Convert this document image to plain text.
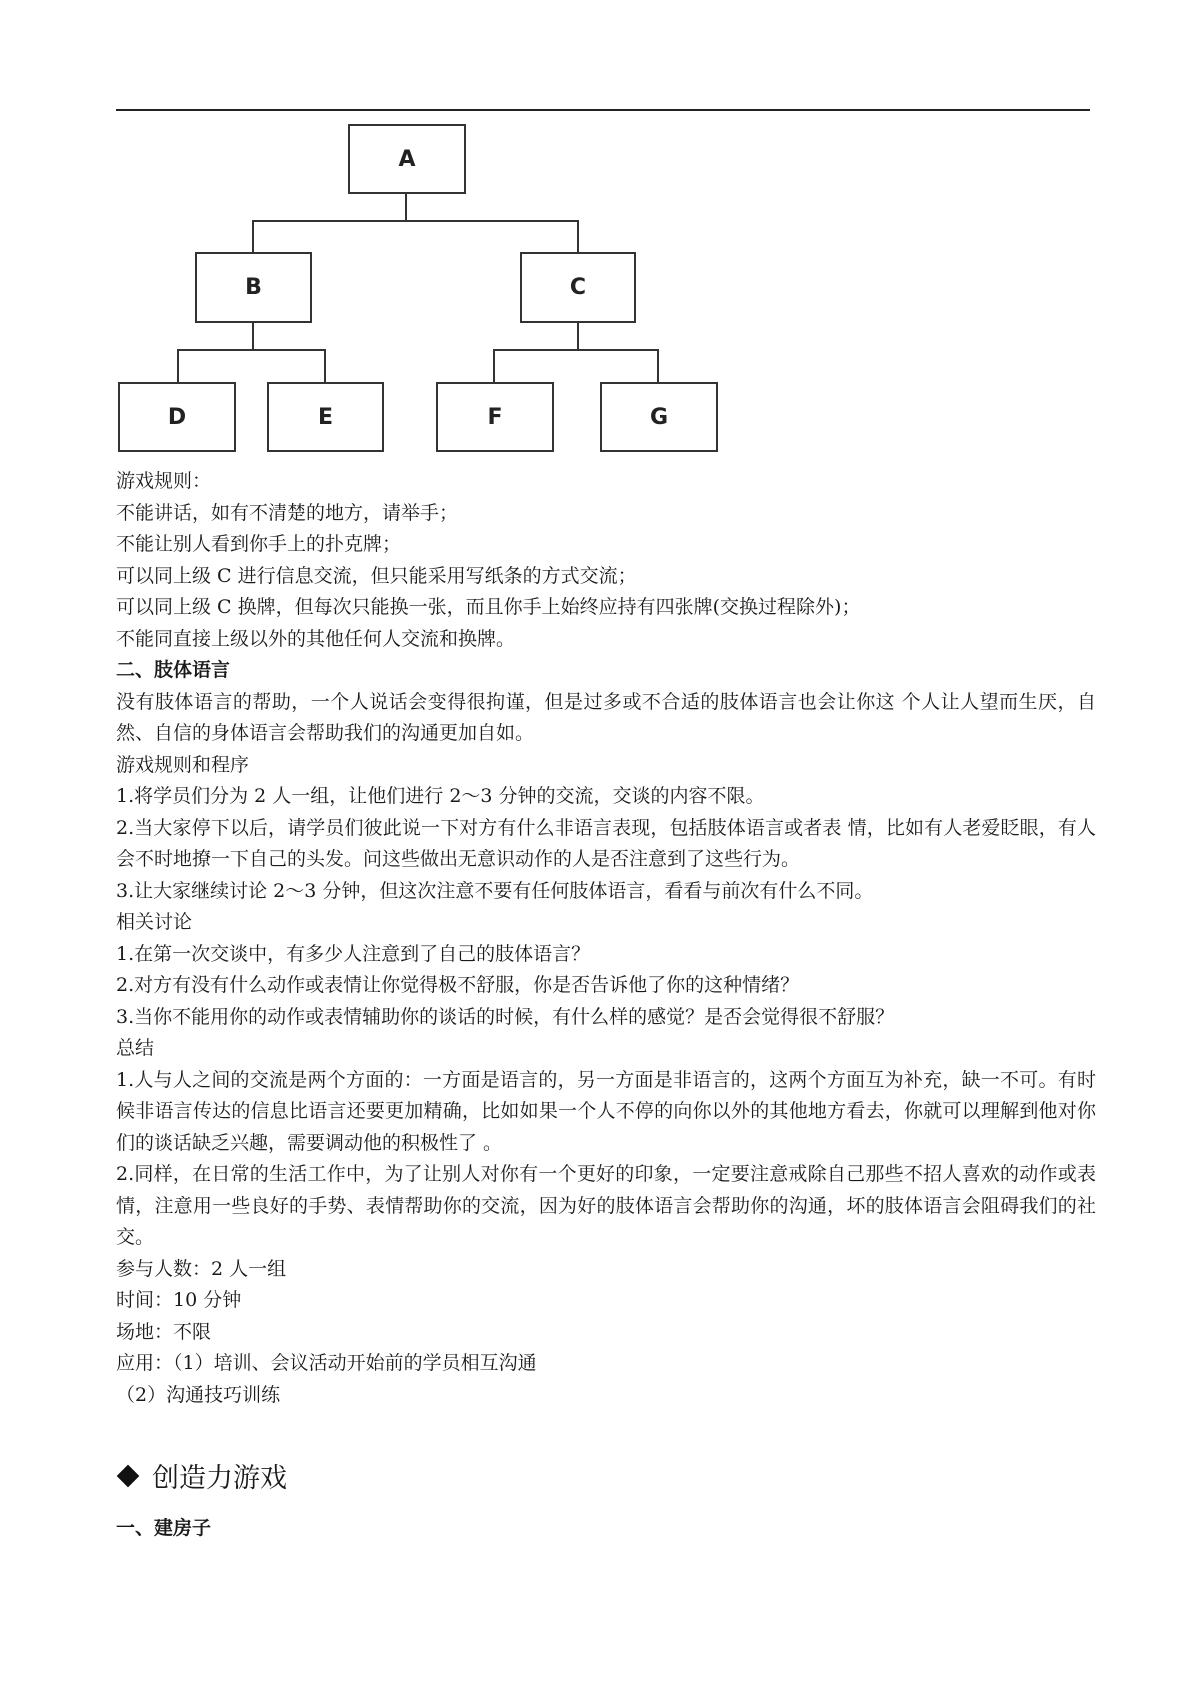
A
B	C
D	E	F	G

游戏规则：

不能讲话，如有不清楚的地方，请举手；

不能让别人看到你手上的扑克牌；

可以同上级 C 进行信息交流，但只能采用写纸条的方式交流；

可以同上级 C 换牌，但每次只能换一张，而且你手上始终应持有四张牌(交换过程除外)；

不能同直接上级以外的其他任何人交流和换牌。

二、肢体语言

没有肢体语言的帮助，一个人说话会变得很拘谨，但是过多或不合适的肢体语言也会让你这 个人让人望而生厌，自然、自信的身体语言会帮助我们的沟通更加自如。

游戏规则和程序

1.将学员们分为 2 人一组，让他们进行 2～3 分钟的交流，交谈的内容不限。

2.当大家停下以后，请学员们彼此说一下对方有什么非语言表现，包括肢体语言或者表 情，比如有人老爱眨眼，有人会不时地撩一下自己的头发。问这些做出无意识动作的人是否注意到了这些行为。

3.让大家继续讨论 2～3 分钟，但这次注意不要有任何肢体语言，看看与前次有什么不同。

相关讨论

1.在第一次交谈中，有多少人注意到了自己的肢体语言？

2.对方有没有什么动作或表情让你觉得极不舒服，你是否告诉他了你的这种情绪？

3.当你不能用你的动作或表情辅助你的谈话的时候，有什么样的感觉？是否会觉得很不舒服？

总结

1.人与人之间的交流是两个方面的：一方面是语言的，另一方面是非语言的，这两个方面互为补充，缺一不可。有时候非语言传达的信息比语言还要更加精确，比如如果一个人不停的向你以外的其他地方看去，你就可以理解到他对你们的谈话缺乏兴趣，需要调动他的积极性了 。

2.同样，在日常的生活工作中，为了让别人对你有一个更好的印象，一定要注意戒除自己那些不招人喜欢的动作或表情，注意用一些良好的手势、表情帮助你的交流，因为好的肢体语言会帮助你的沟通，坏的肢体语言会阻碍我们的社交。

参与人数：2 人一组

时间：10 分钟

场地：不限

应用：（1）培训、会议活动开始前的学员相互沟通

（2）沟通技巧训练

创造力游戏
一、建房子
